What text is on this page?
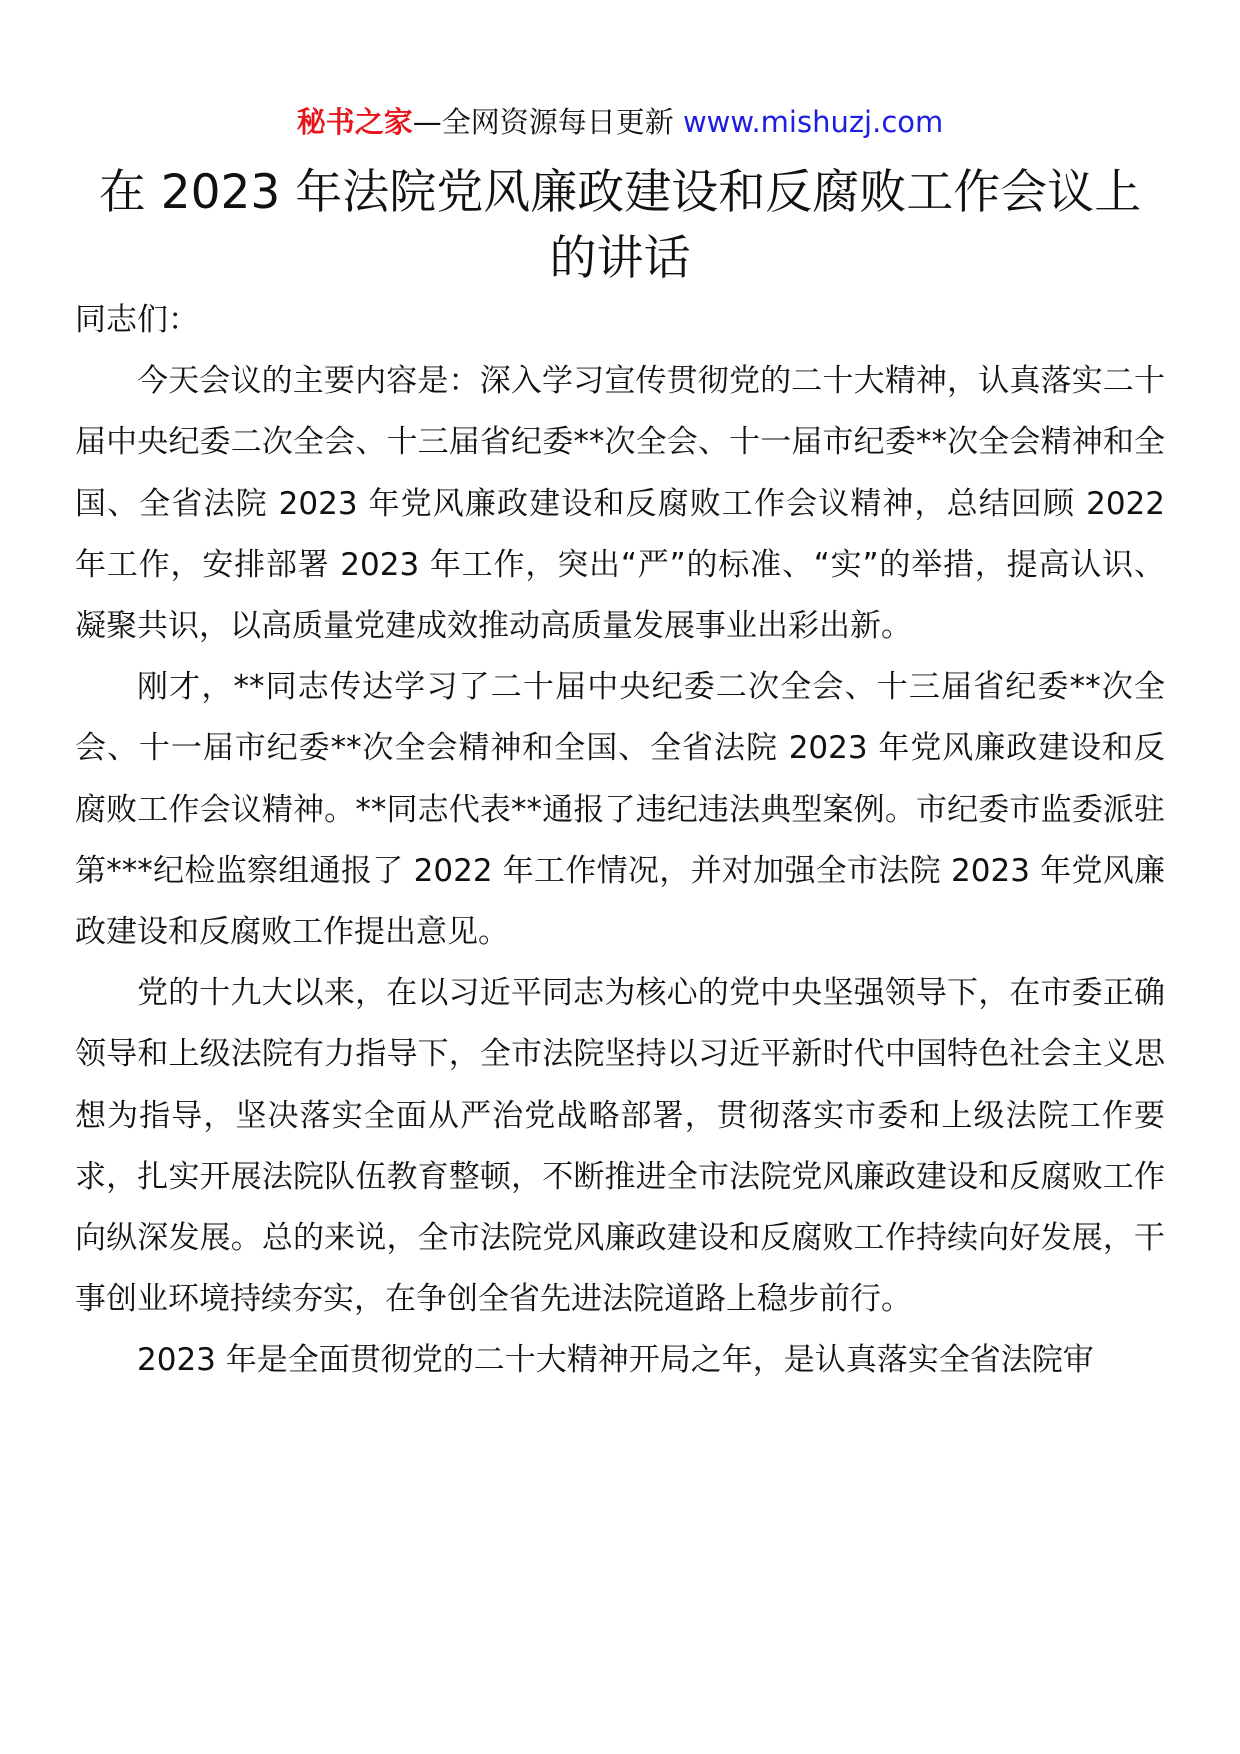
秘书之家—全网资源每日更新 www.mishuzj.com
在 2023 年法院党风廉政建设和反腐败工作会议上的讲话

同志们：

今天会议的主要内容是：深入学习宣传贯彻党的二十大精神，认真落实二十届中央纪委二次全会、十三届省纪委**次全会、十一届市纪委**次全会精神和全国、全省法院 2023 年党风廉政建设和反腐败工作会议精神，总结回顾 2022 年工作，安排部署 2023 年工作，突出“严”的标准、“实”的举措，提高认识、凝聚共识，以高质量党建成效推动高质量发展事业出彩出新。

刚才，**同志传达学习了二十届中央纪委二次全会、十三届省纪委**次全会、十一届市纪委**次全会精神和全国、全省法院 2023 年党风廉政建设和反腐败工作会议精神。**同志代表**通报了违纪违法典型案例。市纪委市监委派驻第***纪检监察组通报了 2022 年工作情况，并对加强全市法院 2023 年党风廉政建设和反腐败工作提出意见。

党的十九大以来，在以习近平同志为核心的党中央坚强领导下，在市委正确领导和上级法院有力指导下，全市法院坚持以习近平新时代中国特色社会主义思想为指导，坚决落实全面从严治党战略部署，贯彻落实市委和上级法院工作要求，扎实开展法院队伍教育整顿，不断推进全市法院党风廉政建设和反腐败工作向纵深发展。总的来说，全市法院党风廉政建设和反腐败工作持续向好发展，干事创业环境持续夯实，在争创全省先进法院道路上稳步前行。

2023 年是全面贯彻党的二十大精神开局之年，是认真落实全省法院审
